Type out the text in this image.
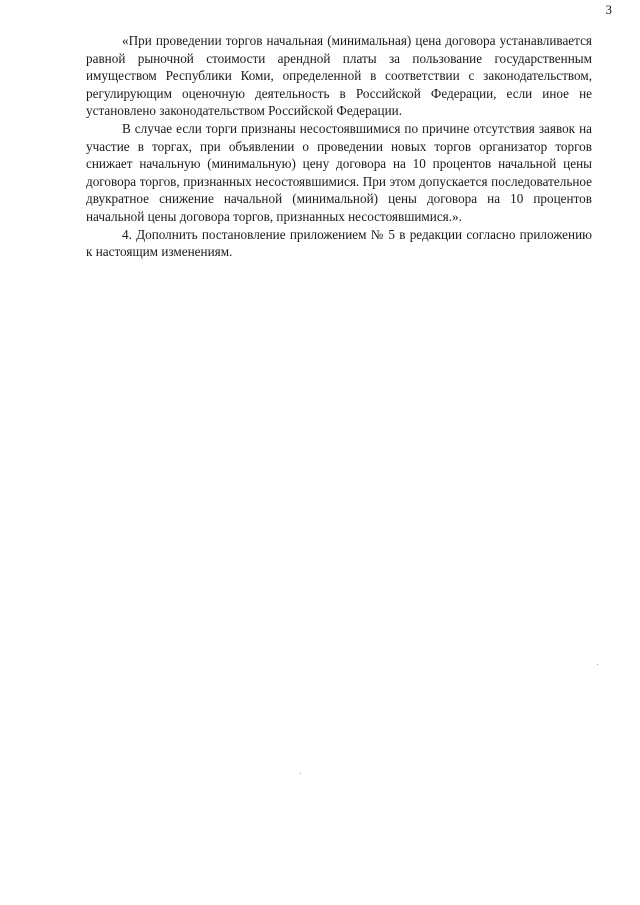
3

«При проведении торгов начальная (минимальная) цена договора устанавливается равной рыночной стоимости арендной платы за пользование государственным имуществом Республики Коми, определенной в соответствии с законодательством, регулирующим оценочную деятельность в Российской Федерации, если иное не установлено законодательством Российской Федерации.

В случае если торги признаны несостоявшимися по причине отсутствия заявок на участие в торгах, при объявлении о проведении новых торгов организатор торгов снижает начальную (минимальную) цену договора на 10 процентов начальной цены договора торгов, признанных несостоявшимися. При этом допускается последовательное двукратное снижение начальной (минимальной) цены договора на 10 процентов начальной цены договора торгов, признанных несостоявшимися.».

4. Дополнить постановление приложением № 5 в редакции согласно приложению к настоящим изменениям.
